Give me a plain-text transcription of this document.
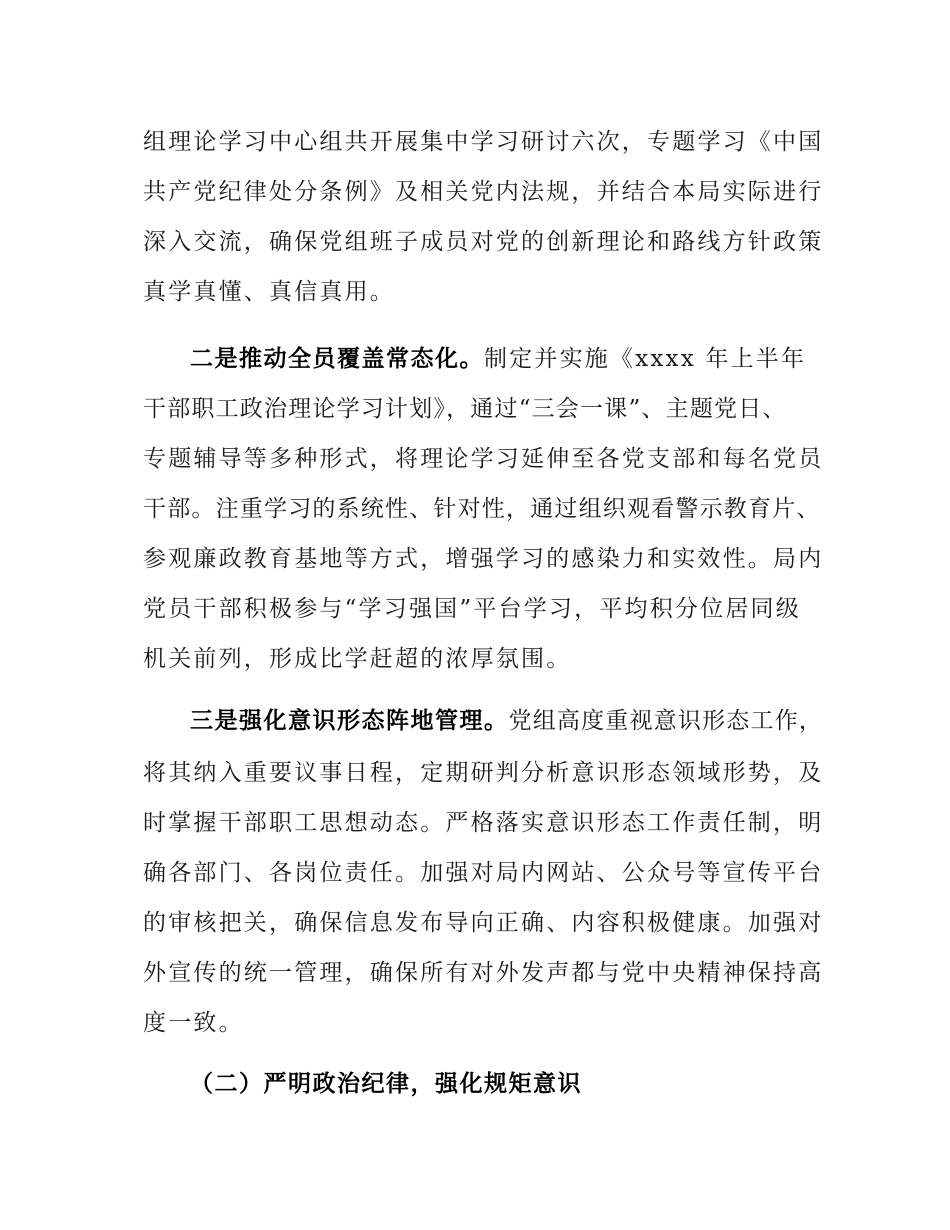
组理论学习中心组共开展集中学习研讨六次，专题学习《中国
共产党纪律处分条例》及相关党内法规，并结合本局实际进行
深入交流，确保党组班子成员对党的创新理论和路线方针政策
真学真懂、真信真用。
二是推动全员覆盖常态化。制定并实施《xxxx 年上半年
干部职工政治理论学习计划》，通过“三会一课”、主题党日、
专题辅导等多种形式，将理论学习延伸至各党支部和每名党员
干部。注重学习的系统性、针对性，通过组织观看警示教育片、
参观廉政教育基地等方式，增强学习的感染力和实效性。局内
党员干部积极参与“学习强国”平台学习，平均积分位居同级
机关前列，形成比学赶超的浓厚氛围。
三是强化意识形态阵地管理。党组高度重视意识形态工作，
将其纳入重要议事日程，定期研判分析意识形态领域形势，及
时掌握干部职工思想动态。严格落实意识形态工作责任制，明
确各部门、各岗位责任。加强对局内网站、公众号等宣传平台
的审核把关，确保信息发布导向正确、内容积极健康。加强对
外宣传的统一管理，确保所有对外发声都与党中央精神保持高
度一致。
（二）严明政治纪律，强化规矩意识
